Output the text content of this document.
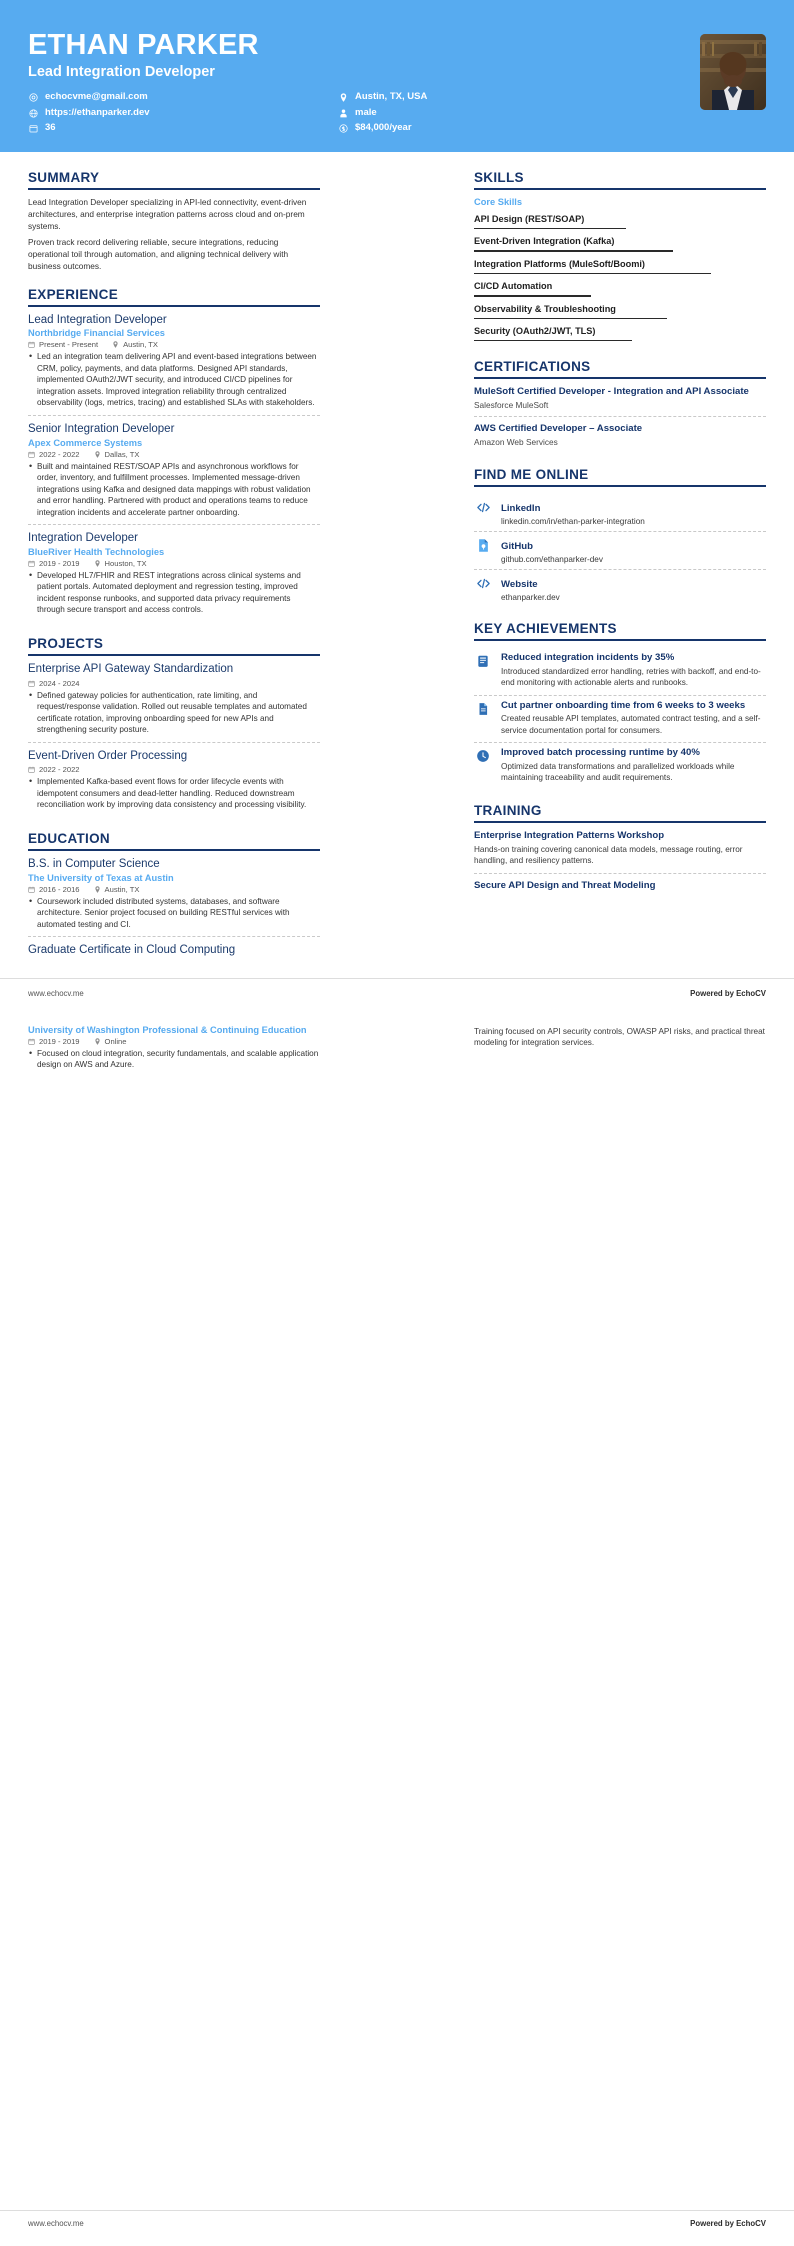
ETHAN PARKER
Lead Integration Developer
echocvme@gmail.com	Austin, TX, USA
https://ethanparker.dev	male
36	$84,000/year
SUMMARY
Lead Integration Developer specializing in API-led connectivity, event-driven architectures, and enterprise integration patterns across cloud and on-prem systems.
Proven track record delivering reliable, secure integrations, reducing operational toil through automation, and aligning technical delivery with business outcomes.
EXPERIENCE
Lead Integration Developer
Northbridge Financial Services
Present - Present	Austin, TX
• Led an integration team delivering API and event-based integrations between CRM, policy, payments, and data platforms. Designed API standards, implemented OAuth2/JWT security, and introduced CI/CD pipelines for integration assets. Improved integration reliability through centralized observability (logs, metrics, tracing) and established SLAs with stakeholders.
Senior Integration Developer
Apex Commerce Systems
2022 - 2022	Dallas, TX
• Built and maintained REST/SOAP APIs and asynchronous workflows for order, inventory, and fulfillment processes. Implemented message-driven integrations using Kafka and designed data mappings with robust validation and error handling. Partnered with product and operations teams to reduce integration incidents and accelerate partner onboarding.
Integration Developer
BlueRiver Health Technologies
2019 - 2019	Houston, TX
• Developed HL7/FHIR and REST integrations across clinical systems and patient portals. Automated deployment and regression testing, improved incident response runbooks, and supported data privacy requirements through secure transport and access controls.
PROJECTS
Enterprise API Gateway Standardization
2024 - 2024
• Defined gateway policies for authentication, rate limiting, and request/response validation. Rolled out reusable templates and automated certificate rotation, improving onboarding speed for new APIs and strengthening security posture.
Event-Driven Order Processing
2022 - 2022
• Implemented Kafka-based event flows for order lifecycle events with idempotent consumers and dead-letter handling. Reduced downstream reconciliation work by improving data consistency and processing visibility.
EDUCATION
B.S. in Computer Science
The University of Texas at Austin
2016 - 2016	Austin, TX
• Coursework included distributed systems, databases, and software architecture. Senior project focused on building RESTful services with automated testing and CI.
Graduate Certificate in Cloud Computing
SKILLS
Core Skills
API Design (REST/SOAP)
Event-Driven Integration (Kafka)
Integration Platforms (MuleSoft/Boomi)
CI/CD Automation
Observability & Troubleshooting
Security (OAuth2/JWT, TLS)
CERTIFICATIONS
MuleSoft Certified Developer - Integration and API Associate
Salesforce MuleSoft
AWS Certified Developer – Associate
Amazon Web Services
FIND ME ONLINE
LinkedIn
linkedin.com/in/ethan-parker-integration
GitHub
github.com/ethanparker-dev
Website
ethanparker.dev
KEY ACHIEVEMENTS
Reduced integration incidents by 35%
Introduced standardized error handling, retries with backoff, and end-to-end monitoring with actionable alerts and runbooks.
Cut partner onboarding time from 6 weeks to 3 weeks
Created reusable API templates, automated contract testing, and a self-service documentation portal for consumers.
Improved batch processing runtime by 40%
Optimized data transformations and parallelized workloads while maintaining traceability and audit requirements.
TRAINING
Enterprise Integration Patterns Workshop
Hands-on training covering canonical data models, message routing, error handling, and resiliency patterns.
Secure API Design and Threat Modeling
www.echocv.me	Powered by EchoCV
University of Washington Professional & Continuing Education
2019 - 2019	Online
• Focused on cloud integration, security fundamentals, and scalable application design on AWS and Azure.
Training focused on API security controls, OWASP API risks, and practical threat modeling for integration services.
www.echocv.me	Powered by EchoCV
